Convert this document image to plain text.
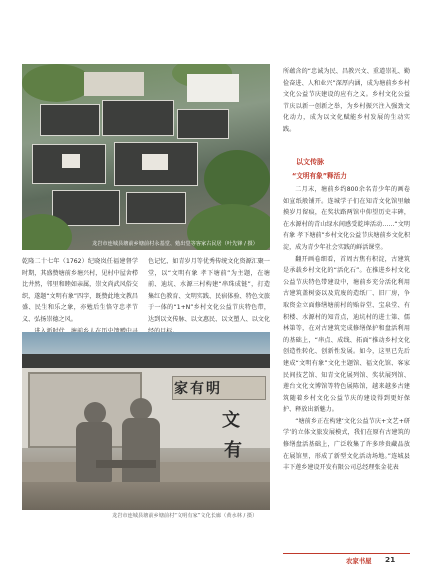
龙岩市连城县塘前乡塘前村永基堂、勉出堂等客家古民居（叶先锋 / 摄）

乾隆二十七年（1762）纪晓岚任福建督学时期，其盛赞塘前乡塘兴村，见村中屋舍栉比井然，邻里和睦如亲属，崇文尚武风俗交织，遂题“文明有象”四字，既赞此地文教昌盛、民生和乐之象，亦勉后生恪守忠孝节义、弘扬崇德之风。

色记忆、如青岁月等优秀传统文化资源汇聚一堂，以“文明有象 孝下塘前”为主题，在塘前、迪坑、水源三村构建“串珠成链”，打造集红色教育、文明实践、民宿体验、特色文旅于一体的“1+N”乡村文化公益节庆特色带，达到以文传脉、以文惠民、以文塑人、以文化

家有明
文
有
龙岩市连城县塘前乡塘前村“文明有家”文化长廊（黄水林 / 摄）

所蕴含的“忠诚为民、昌教兴文、重道崇礼、勤俭奋进、人和业兴”深厚内涵，成为塘前乡乡村文化公益节庆建设的应有之义。乡村文化公益节庆以新一创新之举，为乡村振兴注入强劲文化动力，成为以文化赋能乡村发展的生动实践。

以文传脉
“文明有象”释活力

二月末，塘前乡约800余名青少年的画卷如宣纸般铺开。连城学子们在知青文化馆里触摸岁月留痕，在奖状路两馆中仰望历史丰碑，在水源村的青山绿水间感受乾坤活动……“文明有象 孝下塘前”乡村文化公益节庆塘前乡文化积淀，成为青少年社会实践的鲜活课堂。

翻开画卷细看，首周古焦有积淀，古建筑是承载乡村文化的“活化石”。在推进乡村文化公益节庆特色带建设中，塘前乡充分活化利用古建筑盖树姿以及荒废的造纸厂、旧厂房，争取资金立面修缮塘前村的贻谷堂、宝泉堂、有积楼、水源村的知青点，迪坑村的进士第、儒林第等，在对古建筑完成修缮保护和盘活利用的基础上，“串点、成线、拓面”推动乡村文化创造性转化、创新性发展。如今，这里已先后建成“文明有象”文化主题馆、福文化馆、客家民间技艺馆、知青文化展列馆、奖状展列馆、莲台文化文博馆等特色展陈馆，越来越多古建筑随着乡村文化公益节庆的建设得到更好保护、释放出新魅力。

“塘前乡正在构建‘文化公益节庆+文艺+研学’的立体文旅发展模式，我们在原有古建筑的修缮盘活基础上，广泛收集了许多珍贵藏品放在展馆里，形成了新型文化活动场地。”连城县丰下莲乡建设开发有限公司总经理张金花表

农家书屋 21
